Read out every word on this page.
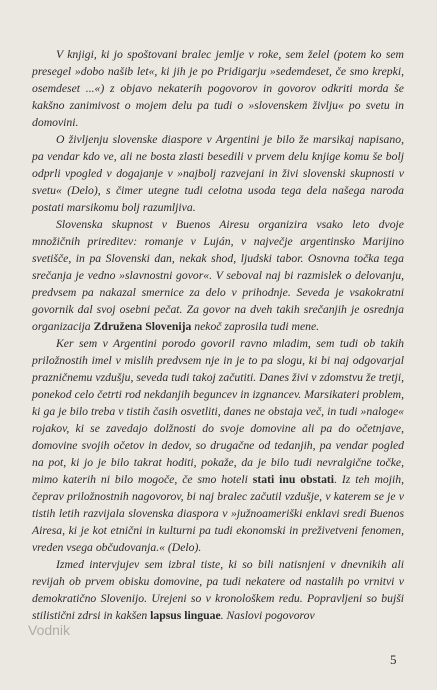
V knjigi, ki jo spoštovani bralec jemlje v roke, sem želel (potem ko sem presegel »dobo našib let«, ki jih je po Pridigarju »sedemdeset, če smo krepki, osemdeset ...«) z objavo nekaterih pogovorov in govorov odkriti morda še kakšno zanimivost o mojem delu pa tudi o »slovenskem življu« po svetu in domovini.

O življenju slovenske diaspore v Argentini je bilo že marsikaj napisano, pa vendar kdo ve, ali ne bosta zlasti besedili v prvem delu knjige komu še bolj odprli vpogled v dogajanje v »najbolj razvejani in živi slovenski skupnosti v svetu« (Delo), s čimer utegne tudi celotna usoda tega dela našega naroda postati marsikomu bolj razumljiva.

Slovenska skupnost v Buenos Airesu organizira vsako leto dvoje množičnih prireditev: romanje v Luján, v največje argentinsko Marijino svetišče, in pa Slovenski dan, nekak shod, ljudski tabor. Osnovna točka tega srečanja je vedno »slavnostni govor«. V seboval naj bi razmislek o delovanju, predvsem pa nakazal smernice za delo v prihodnje. Seveda je vsakokratni govornik dal svoj osebni pečat. Za govor na dveh takih srečanjih je osrednja organizacija Združena Slovenija nekoč zaprosila tudi mene.

Ker sem v Argentini porodo govoril ravno mladim, sem tudi ob takih priložnostih imel v mislih predvsem nje in je to pa slogu, ki bi naj odgovarjal prazničnemu vzdušju, seveda tudi takoj začutiti. Danes živi v zdomstvu že tretji, ponekod celo četrti rod nekdanjih beguncev in izgnancev. Marsikateri problem, ki ga je bilo treba v tistih časih osvetliti, danes ne obstaja več, in tudi »naloge« rojakov, ki se zavedajo dolžnosti do svoje domovine ali pa do očetnjave, domovine svojih očetov in dedov, so drugačne od tedanjih, pa vendar pogled na pot, ki jo je bilo takrat hoditi, pokaže, da je bilo tudi nevralgične točke, mimo katerih ni bilo mogoče, če smo hoteli stati inu obstati. Iz teh mojih, čeprav priložnostnih nagovorov, bi naj bralec začutil vzdušje, v katerem se je v tistih letih razvijala slovenska diaspora v »južnoameriški enklavi sredi Buenos Airesa, ki je kot etnični in kulturni pa tudi ekonomski in preživetveni fenomen, vreden vsega občudovanja.« (Delo).

Izmed intervjujev sem izbral tiste, ki so bili natisnjeni v dnevnikih ali revijah ob prvem obisku domovine, pa tudi nekatere od nastalih po vrnitvi v demokratično Slovenijo. Urejeni so v kronološkem redu. Popravljeni so bujši stilistični zdrsi in kakšen lapsus linguae. Naslovi pogovorov

Vodnik
5
